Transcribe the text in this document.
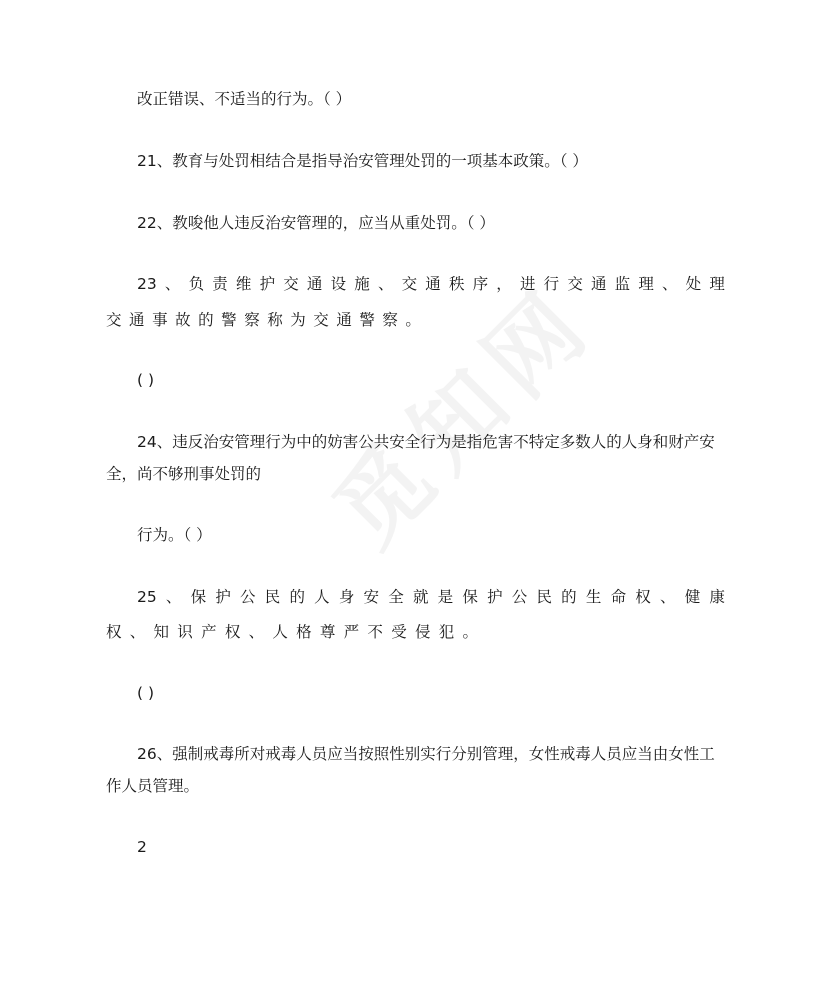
改正错误、不适当的行为。（ ）
21、教育与处罚相结合是指导治安管理处罚的一项基本政策。（ ）
22、教唆他人违反治安管理的，应当从重处罚。（ ）
23 、 负 责 维 护 交 通 设 施 、 交 通 秩 序 ， 进 行 交 通 监 理 、 处 理
交 通 事 故 的 警 察 称 为 交 通 警 察 。
( )
24、违反治安管理行为中的妨害公共安全行为是指危害不特定多数人的人身和财产安
全，尚不够刑事处罚的
行为。（ ）
25 、 保 护 公 民 的 人 身 安 全 就 是 保 护 公 民 的 生 命 权 、 健 康
权 、 知 识 产 权 、 人 格 尊 严 不 受 侵 犯 。
( )
26、强制戒毒所对戒毒人员应当按照性别实行分别管理，女性戒毒人员应当由女性工
作人员管理。
2
